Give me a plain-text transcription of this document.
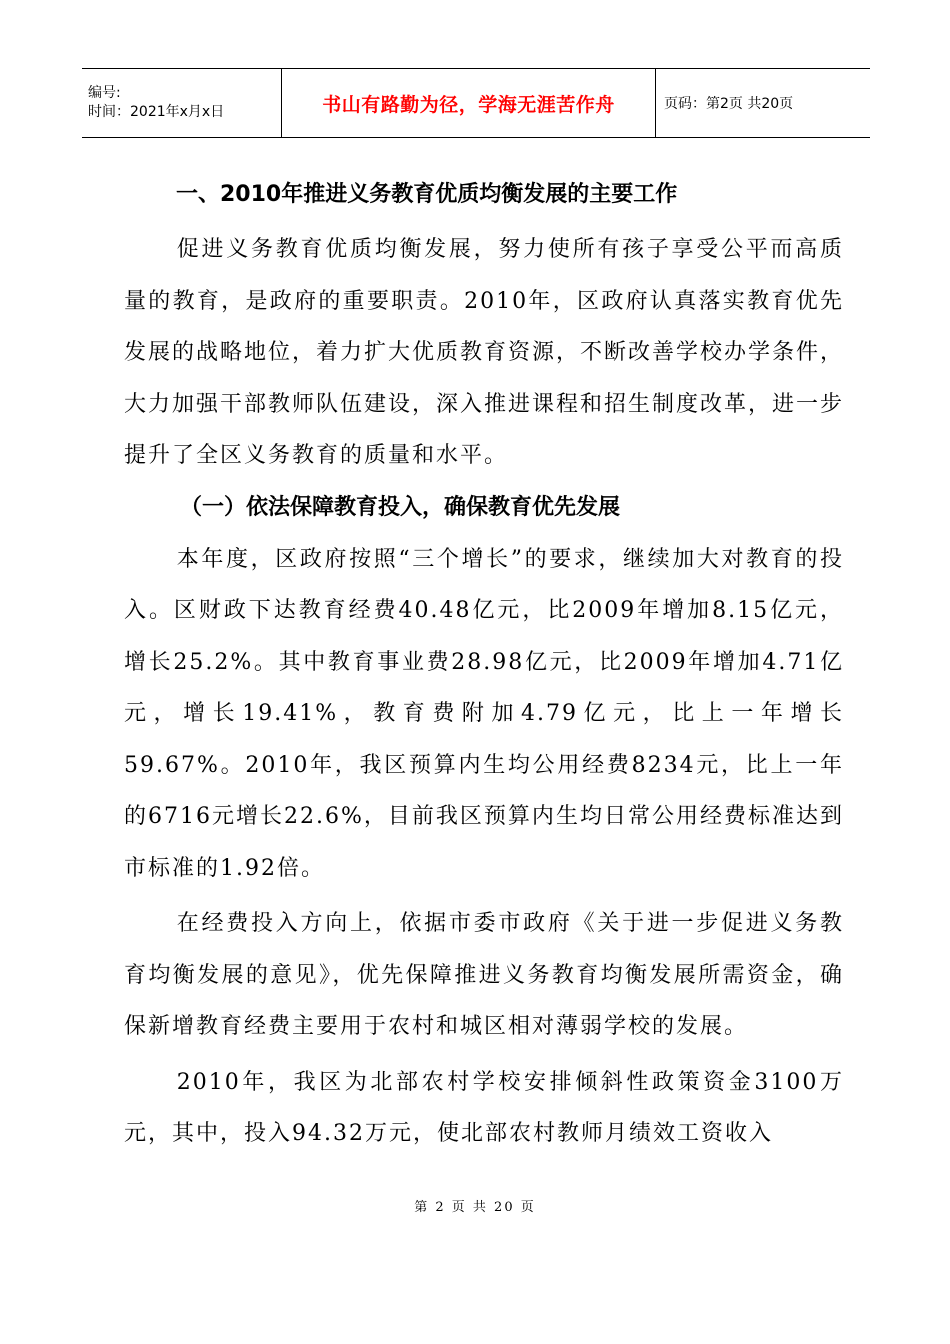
编号:
时间：2021年x月x日	书山有路勤为径，学海无涯苦作舟	页码：第2页 共20页
一、2010年推进义务教育优质均衡发展的主要工作

促进义务教育优质均衡发展，努力使所有孩子享受公平而高质量的教育，是政府的重要职责。2010年，区政府认真落实教育优先发展的战略地位，着力扩大优质教育资源，不断改善学校办学条件，大力加强干部教师队伍建设，深入推进课程和招生制度改革，进一步提升了全区义务教育的质量和水平。

（一）依法保障教育投入，确保教育优先发展

本年度，区政府按照“三个增长”的要求，继续加大对教育的投入。区财政下达教育经费40.48亿元，比2009年增加8.15亿元，增长25.2%。其中教育事业费28.98亿元，比2009年增加4.71亿元，增长19.41%，教育费附加4.79亿元，比上一年增长59.67%。2010年，我区预算内生均公用经费8234元，比上一年的6716元增长22.6%，目前我区预算内生均日常公用经费标准达到市标准的1.92倍。

在经费投入方向上，依据市委市政府《关于进一步促进义务教育均衡发展的意见》，优先保障推进义务教育均衡发展所需资金，确保新增教育经费主要用于农村和城区相对薄弱学校的发展。

2010年，我区为北部农村学校安排倾斜性政策资金3100万元，其中，投入94.32万元，使北部农村教师月绩效工资收入

第 2 页 共 20 页
